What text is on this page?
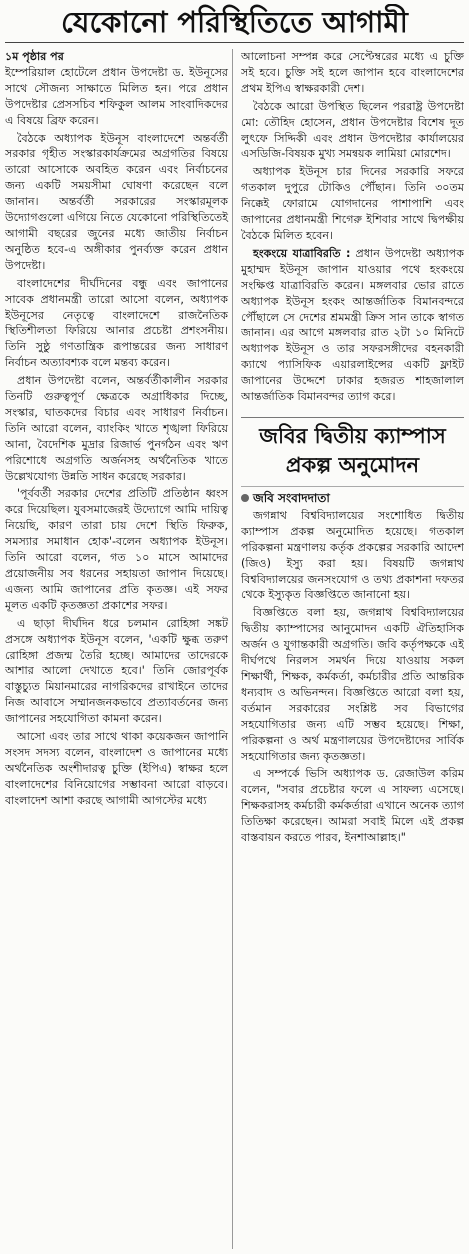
যেকোনো পরিস্থিতিতে আগামী
১ম পৃষ্ঠার পর

ইম্পেরিয়াল হোটেলে প্রধান উপদেষ্টা ড. ইউনূসের সাথে সৌজন্য সাক্ষাতে মিলিত হন। পরে প্রধান উপদেষ্টার প্রেসসচিব শফিকুল আলম সাংবাদিকদের এ বিষয়ে ব্রিফ করেন।

বৈঠকে অধ্যাপক ইউনূস বাংলাদেশে অন্তর্বর্তী সরকার গৃহীত সংস্কারকার্যক্রমের অগ্রগতির বিষয়ে তারো আসোকে অবহিত করেন এবং নির্বাচনের জন্য একটি সময়সীমা ঘোষণা করেছেন বলে জানান। অন্তর্বর্তী সরকারের সংস্কারমূলক উদ্যোগগুলো এগিয়ে নিতে যেকোনো পরিস্থিতিতেই আগামী বছরের জুনের মধ্যে জাতীয় নির্বাচন অনুষ্ঠিত হবে-এ অঙ্গীকার পুনর্ব্যক্ত করেন প্রধান উপদেষ্টা।

বাংলাদেশের দীর্ঘদিনের বন্ধু এবং জাপানের সাবেক প্রধানমন্ত্রী তারো আসো বলেন, অধ্যাপক ইউনূসের নেতৃত্বে বাংলাদেশে রাজনৈতিক স্থিতিশীলতা ফিরিয়ে আনার প্রচেষ্টা প্রশংসনীয়। তিনি সুষ্ঠু গণতান্ত্রিক রূপান্তরের জন্য সাধারণ নির্বাচন অত্যাবশ্যক বলে মন্তব্য করেন।

প্রধান উপদেষ্টা বলেন, অন্তর্বর্তীকালীন সরকার তিনটি গুরুত্বপূর্ণ ক্ষেত্রকে অগ্রাধিকার দিচ্ছে, সংস্কার, ঘাতকদের বিচার এবং সাধারণ নির্বাচন। তিনি আরো বলেন, ব্যাংকিং খাতে শৃঙ্খলা ফিরিয়ে আনা, বৈদেশিক মুদ্রার রিজার্ভ পুনর্গঠন এবং ঋণ পরিশোধে অগ্রগতি অর্জনসহ অর্থনৈতিক খাতে উল্লেখযোগ্য উন্নতি সাধন করেছে সরকার।

'পূর্ববর্তী সরকার দেশের প্রতিটি প্রতিষ্ঠান ধ্বংস করে দিয়েছিল। যুবসমাজেরই উদ্যোগে আমি দায়িত্ব নিয়েছি, কারণ তারা চায় দেশে স্থিতি ফিরুক, সমস্যার সমাধান হোক'-বলেন অধ্যাপক ইউনূস। তিনি আরো বলেন, গত ১০ মাসে আমাদের প্রয়োজনীয় সব ধরনের সহায়তা জাপান দিয়েছে। এজন্য আমি জাপানের প্রতি কৃতজ্ঞ। এই সফর মূলত একটি কৃতজ্ঞতা প্রকাশের সফর।

এ ছাড়া দীর্ঘদিন ধরে চলমান রোহিঙ্গা সঙ্কট প্রসঙ্গে অধ্যাপক ইউনূস বলেন, 'একটি ক্ষুব্ধ তরুণ রোহিঙ্গা প্রজন্ম তৈরি হচ্ছে। আমাদের তাদেরকে আশার আলো দেখাতে হবে।' তিনি জোরপূর্বক বাস্তুচ্যুত মিয়ানমারের নাগরিকদের রাখাইনে তাদের নিজ আবাসে সম্মানজনকভাবে প্রত্যাবর্তনের জন্য জাপানের সহযোগিতা কামনা করেন।

আসো এবং তার সাথে থাকা কয়েকজন জাপানি সংসদ সদস্য বলেন, বাংলাদেশ ও জাপানের মধ্যে অর্থনৈতিক অংশীদারত্ব চুক্তি (ইপিএ) স্বাক্ষর হলে বাংলাদেশের বিনিয়োগের সম্ভাবনা আরো বাড়বে। বাংলাদেশ আশা করছে আগামী আগস্টের মধ্যে

আলোচনা সম্পন্ন করে সেপ্টেম্বরের মধ্যে এ চুক্তি সই হবে। চুক্তি সই হলে জাপান হবে বাংলাদেশের প্রথম ইপিএ স্বাক্ষরকারী দেশ।

বৈঠকে আরো উপস্থিত ছিলেন পররাষ্ট্র উপদেষ্টা মো: তৌহিদ হোসেন, প্রধান উপদেষ্টার বিশেষ দূত লুৎফে সিদ্দিকী এবং প্রধান উপদেষ্টার কার্যালয়ের এসডিজি-বিষয়ক মুখ্য সমন্বয়ক লামিয়া মোরশেদ।

অধ্যাপক ইউনূস চার দিনের সরকারি সফরে গতকাল দুপুরে টোকিও পৌঁছান। তিনি ৩০তম নিক্কেই ফোরামে যোগদানের পাশাপাশি এবং জাপানের প্রধানমন্ত্রী শিগেরু ইশিবার সাথে দ্বিপক্ষীয় বৈঠকে মিলিত হবেন।

হংকংয়ে যাত্রাবিরতি : প্রধান উপদেষ্টা অধ্যাপক মুহাম্মদ ইউনূস জাপান যাওয়ার পথে হংকংয়ে সংক্ষিপ্ত যাত্রাবিরতি করেন। মঙ্গলবার ভোর রাতে অধ্যাপক ইউনূস হংকং আন্তর্জাতিক বিমানবন্দরে পৌঁছালে সে দেশের শ্রমমন্ত্রী ক্রিস সান তাকে স্বাগত জানান। এর আগে মঙ্গলবার রাত ২টা ১০ মিনিটে অধ্যাপক ইউনূস ও তার সফরসঙ্গীদের বহনকারী ক্যাথে প্যাসিফিক এয়ারলাইন্সের একটি ফ্লাইট জাপানের উদ্দেশে ঢাকার হজরত শাহজালাল আন্তর্জাতিক বিমানবন্দর ত্যাগ করে।

জবির দ্বিতীয় ক্যাম্পাস প্রকল্প অনুমোদন
জবি সংবাদদাতা

জগন্নাথ বিশ্ববিদ্যালয়ের সংশোধিত দ্বিতীয় ক্যাম্পাস প্রকল্প অনুমোদিত হয়েছে। গতকাল পরিকল্পনা মন্ত্রণালয় কর্তৃক প্রকল্পের সরকারি আদেশ (জিও) ইস্যু করা হয়। বিষয়টি জগন্নাথ বিশ্ববিদ্যালয়ের জনসংযোগ ও তথ্য প্রকাশনা দফতর থেকে ইস্যুকৃত বিজ্ঞপ্তিতে জানানো হয়।

বিজ্ঞপ্তিতে বলা হয়, জগন্নাথ বিশ্ববিদ্যালয়ের দ্বিতীয় ক্যাম্পাসের আনুমোদন একটি ঐতিহাসিক অর্জন ও যুগান্তকারী অগ্রগতি। জবি কর্তৃপক্ষকে এই দীর্ঘপথে নিরলস সমর্থন দিয়ে যাওয়ায় সকল শিক্ষার্থী, শিক্ষক, কর্মকর্তা, কর্মচারীর প্রতি আন্তরিক ধন্যবাদ ও অভিনন্দন। বিজ্ঞপ্তিতে আরো বলা হয়, বর্তমান সরকারের সংশ্লিষ্ট সব বিভাগের সহযোগিতার জন্য এটি সম্ভব হয়েছে। শিক্ষা, পরিকল্পনা ও অর্থ মন্ত্রণালয়ের উপদেষ্টাদের সার্বিক সহযোগিতার জন্য কৃতজ্ঞতা।

এ সম্পর্কে ভিসি অধ্যাপক ড. রেজাউল করিম বলেন, "সবার প্রচেষ্টার ফলে এ সাফল্য এসেছে। শিক্ষকরাসহ কর্মচারী কর্মকর্তারা এখানে অনেক ত্যাগ তিতিক্ষা করেছেন। আমরা সবাই মিলে এই প্রকল্প বাস্তবায়ন করতে পারব, ইনশাআল্লাহ।"
